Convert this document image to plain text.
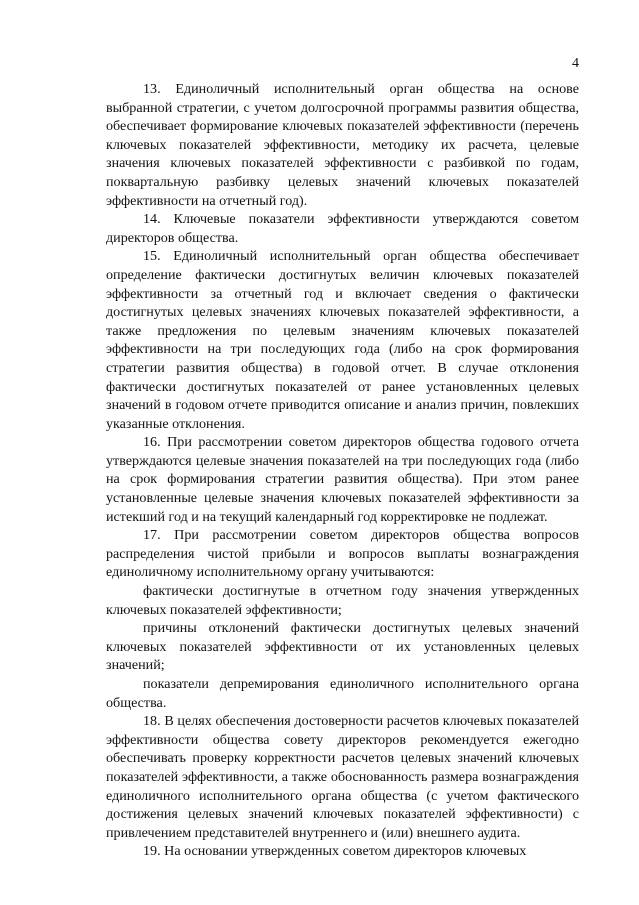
4

13. Единоличный исполнительный орган общества на основе выбранной стратегии, с учетом долгосрочной программы развития общества, обеспечивает формирование ключевых показателей эффективности (перечень ключевых показателей эффективности, методику их расчета, целевые значения ключевых показателей эффективности с разбивкой по годам, поквартальную разбивку целевых значений ключевых показателей эффективности на отчетный год).

14. Ключевые показатели эффективности утверждаются советом директоров общества.

15. Единоличный исполнительный орган общества обеспечивает определение фактически достигнутых величин ключевых показателей эффективности за отчетный год и включает сведения о фактически достигнутых целевых значениях ключевых показателей эффективности, а также предложения по целевым значениям ключевых показателей эффективности на три последующих года (либо на срок формирования стратегии развития общества) в годовой отчет. В случае отклонения фактически достигнутых показателей от ранее установленных целевых значений в годовом отчете приводится описание и анализ причин, повлекших указанные отклонения.

16. При рассмотрении советом директоров общества годового отчета утверждаются целевые значения показателей на три последующих года (либо на срок формирования стратегии развития общества). При этом ранее установленные целевые значения ключевых показателей эффективности за истекший год и на текущий календарный год корректировке не подлежат.

17. При рассмотрении советом директоров общества вопросов распределения чистой прибыли и вопросов выплаты вознаграждения единоличному исполнительному органу учитываются:

фактически достигнутые в отчетном году значения утвержденных ключевых показателей эффективности;

причины отклонений фактически достигнутых целевых значений ключевых показателей эффективности от их установленных целевых значений;

показатели депремирования единоличного исполнительного органа общества.

18. В целях обеспечения достоверности расчетов ключевых показателей эффективности общества совету директоров рекомендуется ежегодно обеспечивать проверку корректности расчетов целевых значений ключевых показателей эффективности, а также обоснованность размера вознаграждения единоличного исполнительного органа общества (с учетом фактического достижения целевых значений ключевых показателей эффективности) с привлечением представителей внутреннего и (или) внешнего аудита.

19. На основании утвержденных советом директоров ключевых
